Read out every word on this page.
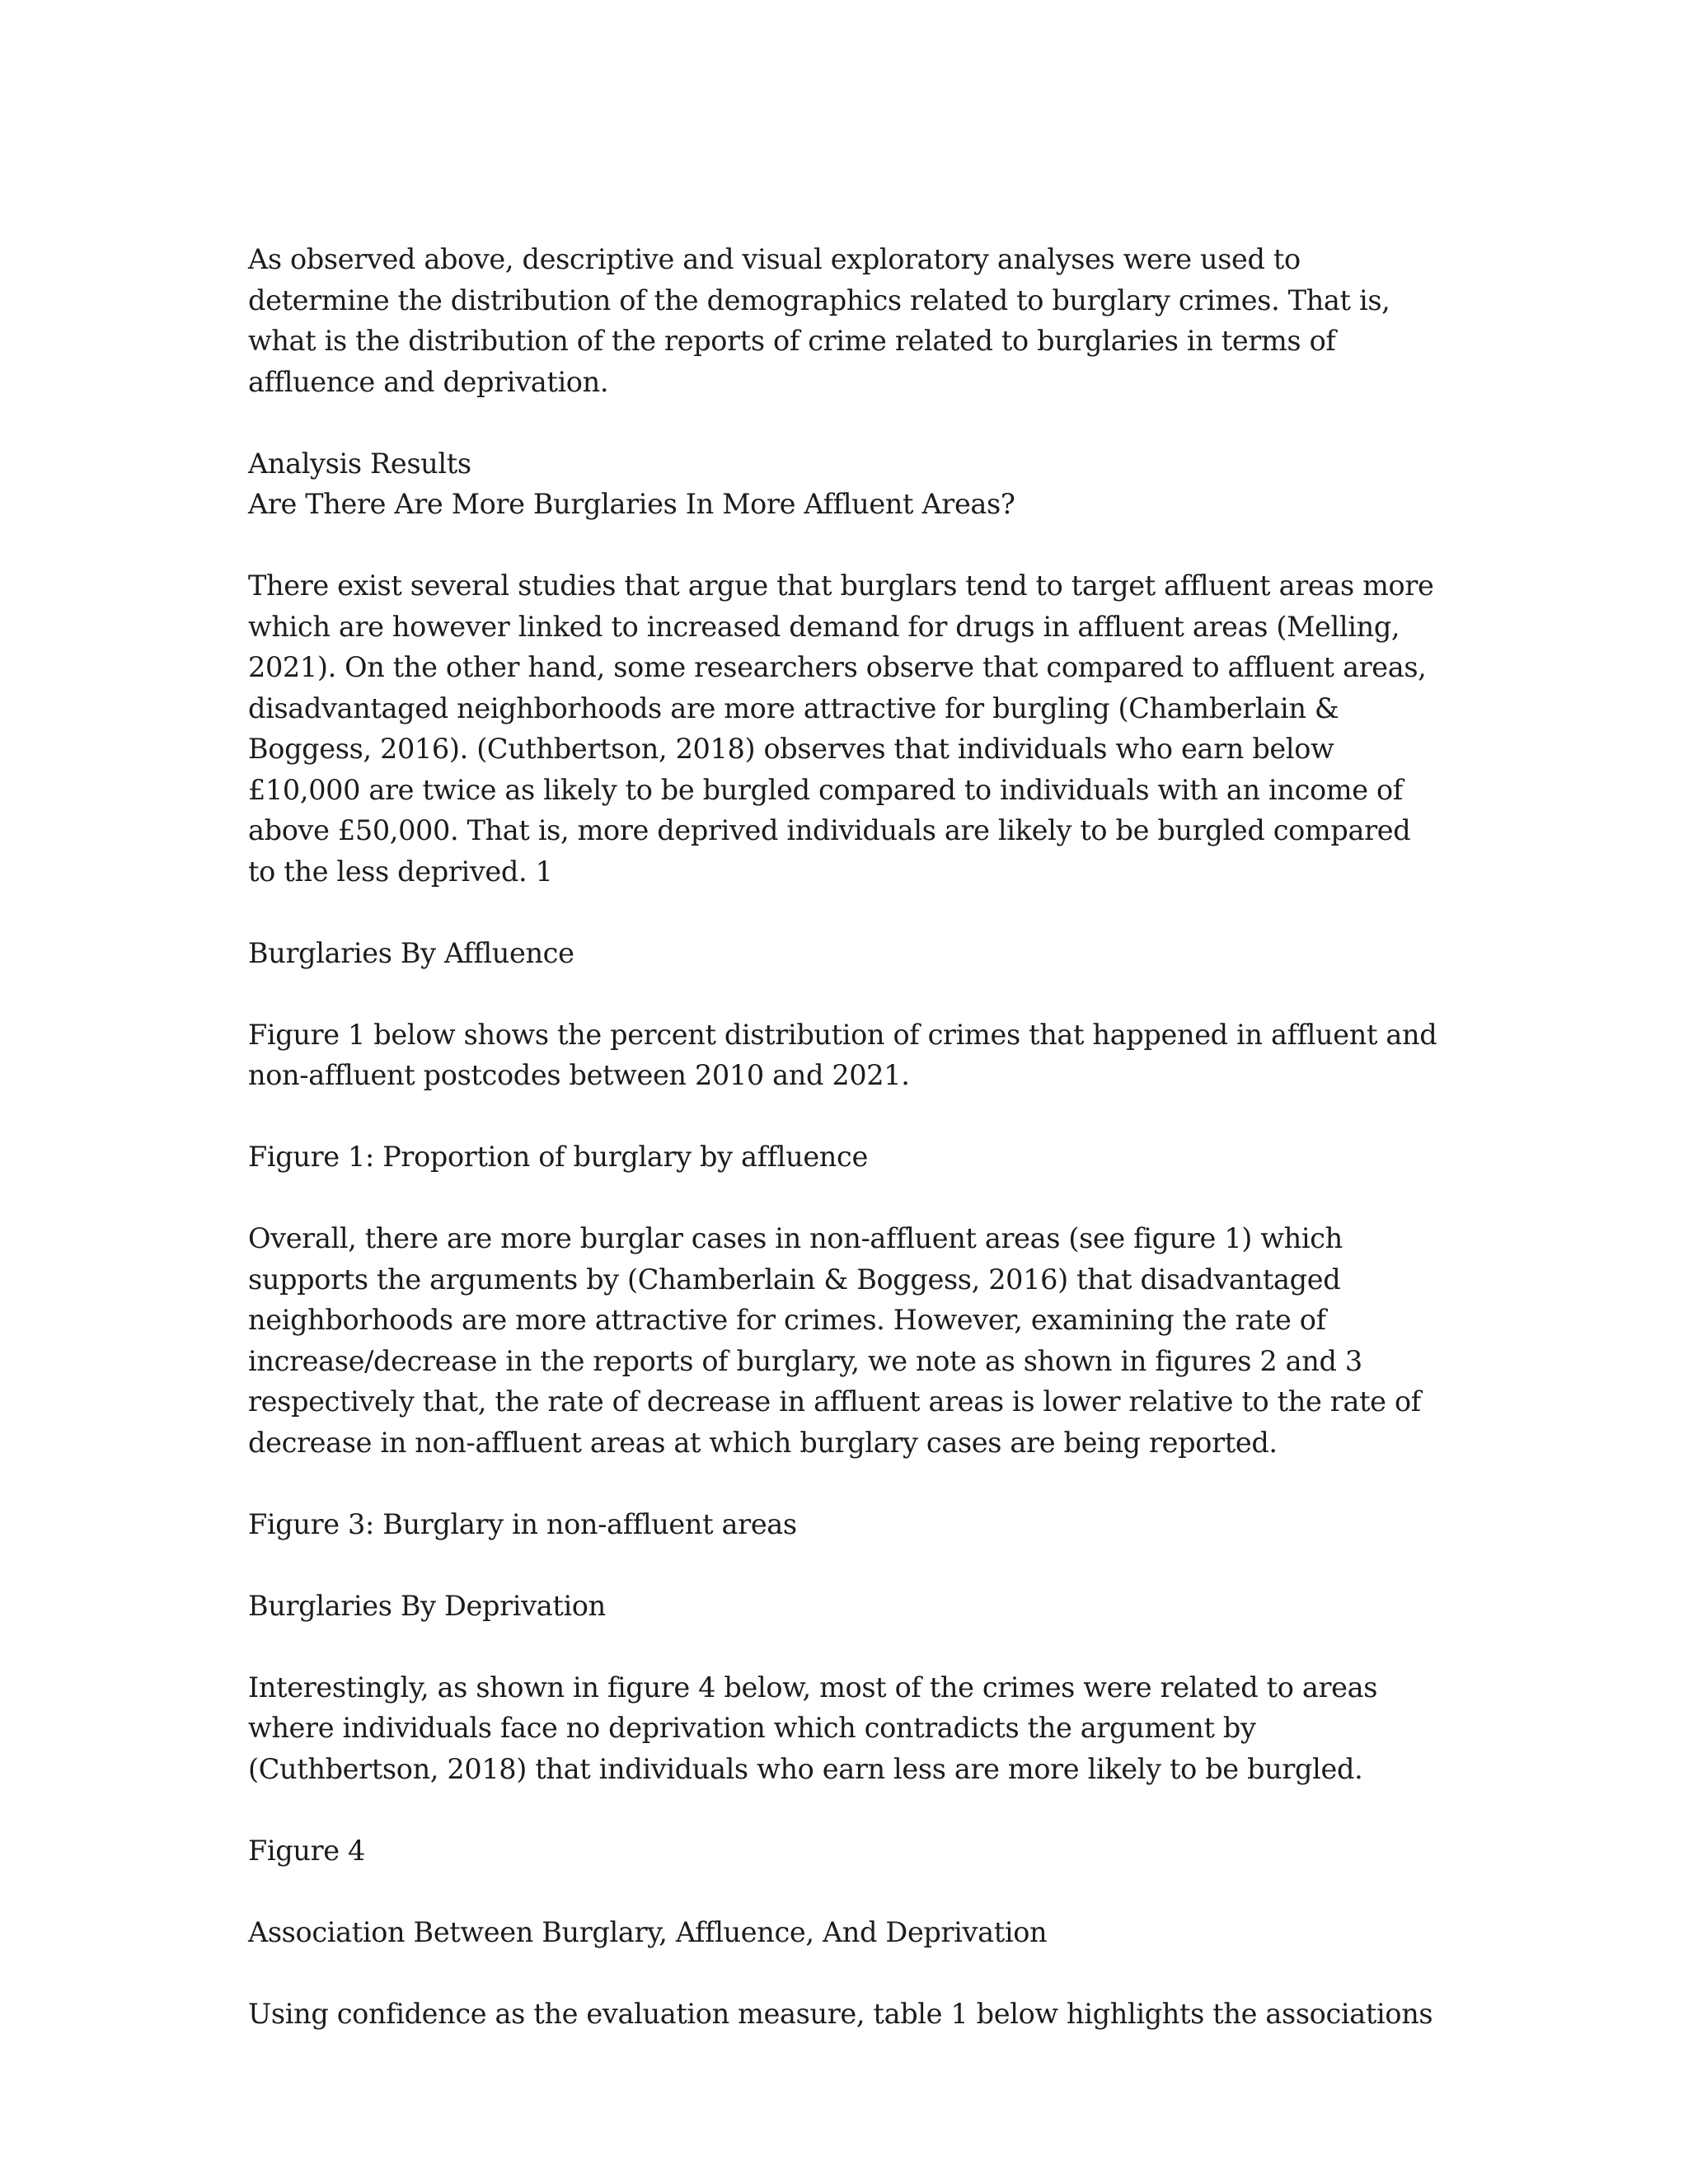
As observed above, descriptive and visual exploratory analyses were used to determine the distribution of the demographics related to burglary crimes. That is, what is the distribution of the reports of crime related to burglaries in terms of affluence and deprivation.

Analysis Results

Are There Are More Burglaries In More Affluent Areas?

There exist several studies that argue that burglars tend to target affluent areas more which are however linked to increased demand for drugs in affluent areas (Melling, 2021). On the other hand, some researchers observe that compared to affluent areas, disadvantaged neighborhoods are more attractive for burgling (Chamberlain & Boggess, 2016). (Cuthbertson, 2018) observes that individuals who earn below £10,000 are twice as likely to be burgled compared to individuals with an income of above £50,000. That is, more deprived individuals are likely to be burgled compared to the less deprived. 1

Burglaries By Affluence

Figure 1 below shows the percent distribution of crimes that happened in affluent and non-affluent postcodes between 2010 and 2021.

Figure 1: Proportion of burglary by affluence

Overall, there are more burglar cases in non-affluent areas (see figure 1) which supports the arguments by (Chamberlain & Boggess, 2016) that disadvantaged neighborhoods are more attractive for crimes. However, examining the rate of increase/decrease in the reports of burglary, we note as shown in figures 2 and 3 respectively that, the rate of decrease in affluent areas is lower relative to the rate of decrease in non-affluent areas at which burglary cases are being reported.

Figure 3: Burglary in non-affluent areas

Burglaries By Deprivation

Interestingly, as shown in figure 4 below, most of the crimes were related to areas where individuals face no deprivation which contradicts the argument by (Cuthbertson, 2018) that individuals who earn less are more likely to be burgled.

Figure 4

Association Between Burglary, Affluence, And Deprivation

Using confidence as the evaluation measure, table 1 below highlights the associations
